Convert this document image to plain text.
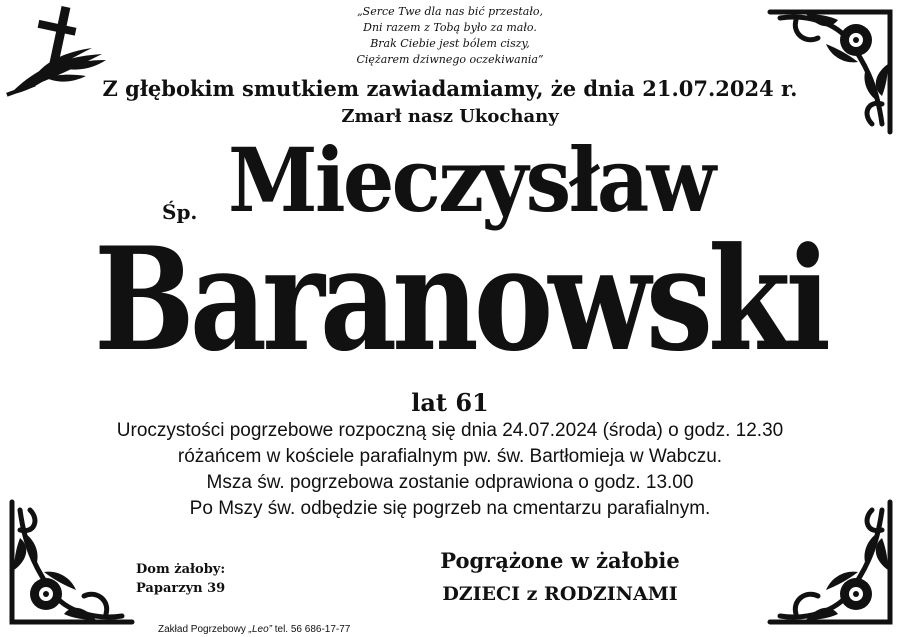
„Serce Twe dla nas bić przestało,
Dni razem z Tobą było za mało.
Brak Ciebie jest bólem ciszy,
Ciężarem dziwnego oczekiwania”
Z głębokim smutkiem zawiadamiamy, że dnia 21.07.2024 r.
Zmarł nasz Ukochany
Śp. Mieczysław
Baranowski
lat 61
Uroczystości pogrzebowe rozpoczną się dnia 24.07.2024 (środa) o godz. 12.30
różańcem w kościele parafialnym pw. św. Bartłomieja w Wabczu.
Msza św. pogrzebowa zostanie odprawiona o godz. 13.00
Po Mszy św. odbędzie się pogrzeb na cmentarzu parafialnym.
Dom żałoby:
Paparzyn 39
Pogrążone w żałobie
DZIECI z RODZINAMI
Zakład Pogrzebowy „Leo” tel. 56 686-17-77
